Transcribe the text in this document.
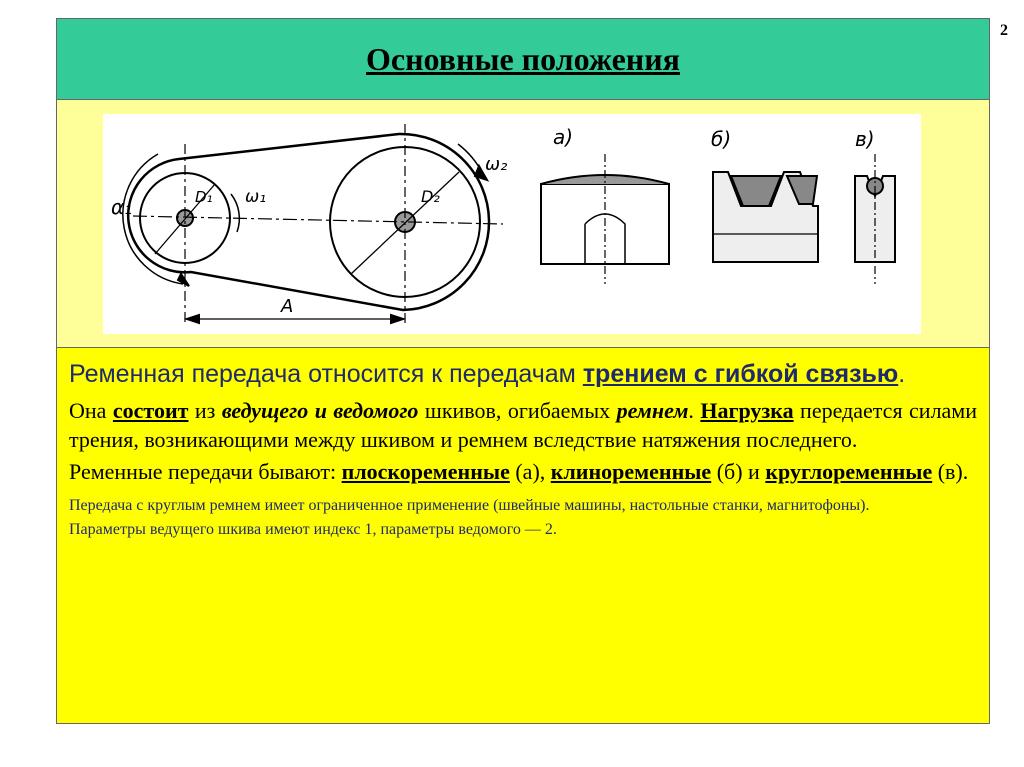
2
Основные положения
α₁	D₁ ω₁	D₂
ω₂
A
а)	б)	в)

Ременная передача относится к передачам трением с гибкой связью.

Она состоит из ведущего и ведомого шкивов, огибаемых ремнем. Нагрузка передается силами трения, возникающими между шкивом и ремнем вследствие натяжения последнего.

Ременные передачи бывают: плоскоременные (а), клиноременные (б) и круглоременные (в).

Передача с круглым ремнем имеет ограниченное применение (швейные машины, настольные станки, магнитофоны).

Параметры ведущего шкива имеют индекс 1, параметры ведомого — 2.
